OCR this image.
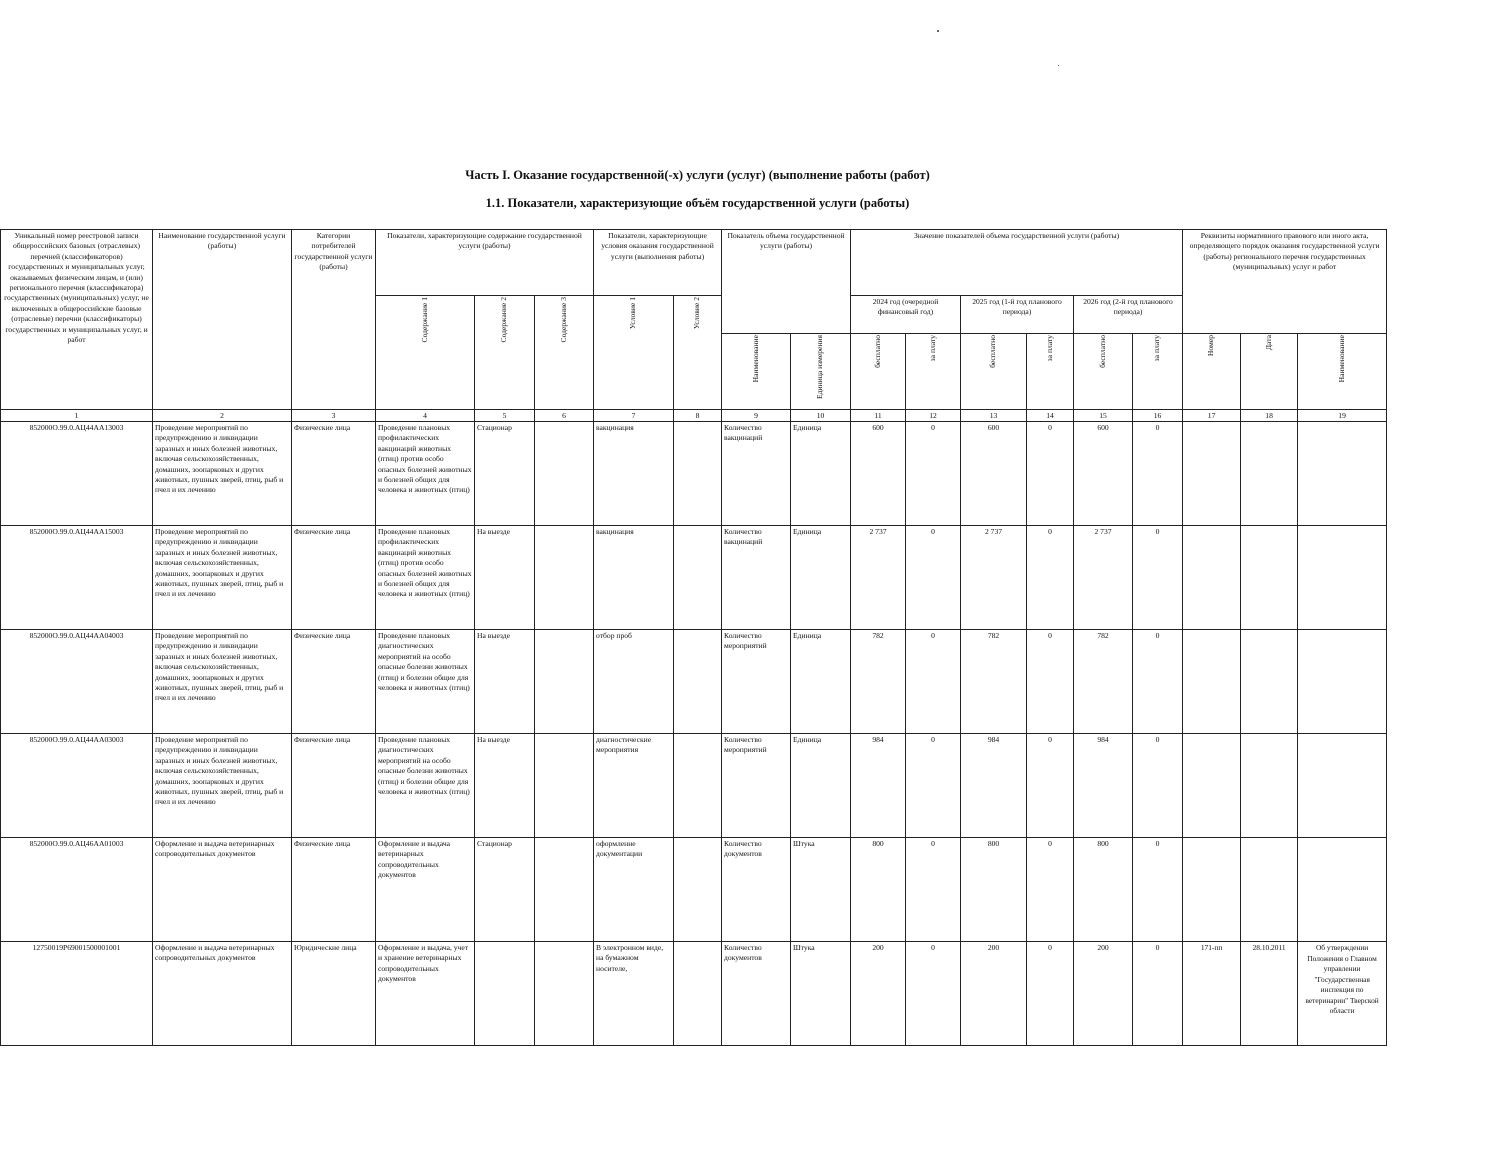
Часть I. Оказание государственной(-х) услуги (услуг) (выполнение работы (работ)
1.1. Показатели, характеризующие объём государственной услуги (работы)
Уникальный номер реестровой записи общероссийских базовых (отраслевых) перечней (классификаторов) государственных и муниципальных услуг, оказываемых физическим лицам, и (или) регионального перечня (классификатора) государственных (муниципальных) услуг, не включенных в общероссийские базовые (отраслевые) перечни (классификаторы) государственных и муниципальных услуг, и работ	Наименование государственной услуги (работы)	Категории потребителей государственной услуги (работы)	Показатели, характеризующие содержание государственной услуги (работы)			Показатели, характеризующие условия оказания государственной услуги (выполнения работы)		Показатель объема государственной услуги (работы)		Значение показателей объема государственной услуги (работы)						Реквизиты нормативного правового или иного акта, определяющего порядок оказания государственной услуги (работы) регионального перечня государственных (муниципальных) услуг и работ		
			Содержание 1	Содержание 2	Содержание 3	Условие 1	Условие 2			2024 год (очередной финансовый год)		2025 год (1-й год планового периода)		2026 год (2-й год планового периода)				
								Наименование	Единица измерения	бесплатно	за плату	бесплатно	за плату	бесплатно	за плату	Номер	Дата	Наименование
1	2	3	4	5	6	7	8	9	10	11	12	13	14	15	16	17	18	19
852000О.99.0.АЦ44АА13003	Проведение мероприятий по предупреждению и ликвидации заразных и иных болезней животных, включая сельскохозяйственных, домашних, зоопарковых и других животных, пушных зверей, птиц, рыб и пчел и их лечению	Физические лица	Проведение плановых профилактических вакцинаций животных (птиц) против особо опасных болезней животных и болезней общих для человека и животных (птиц)	Стационар		вакцинация		Количество вакцинаций	Единица	600	0	600	0	600	0			
852000О.99.0.АЦ44АА15003	Проведение мероприятий по предупреждению и ликвидации заразных и иных болезней животных, включая сельскохозяйственных, домашних, зоопарковых и других животных, пушных зверей, птиц, рыб и пчел и их лечению	Физические лица	Проведение плановых профилактических вакцинаций животных (птиц) против особо опасных болезней животных и болезней общих для человека и животных (птиц)	На выезде		вакцинация		Количество вакцинаций	Единица	2 737	0	2 737	0	2 737	0			
852000О.99.0.АЦ44АА04003	Проведение мероприятий по предупреждению и ликвидации заразных и иных болезней животных, включая сельскохозяйственных, домашних, зоопарковых и других животных, пушных зверей, птиц, рыб и пчел и их лечению	Физические лица	Проведение плановых диагностических мероприятий на особо опасные болезни животных (птиц) и болезни общие для человека и животных (птиц)	На выезде		отбор проб		Количество мероприятий	Единица	782	0	782	0	782	0			
852000О.99.0.АЦ44АА03003	Проведение мероприятий по предупреждению и ликвидации заразных и иных болезней животных, включая сельскохозяйственных, домашних, зоопарковых и других животных, пушных зверей, птиц, рыб и пчел и их лечению	Физические лица	Проведение плановых диагностических мероприятий на особо опасные болезни животных (птиц) и болезни общие для человека и животных (птиц)	На выезде		диагностические мероприятия		Количество мероприятий	Единица	984	0	984	0	984	0			
852000О.99.0.АЦ46АА01003	Оформление и выдача ветеринарных сопроводительных документов	Физические лица	Оформление и выдача ветеринарных сопроводительных документов	Стационар		оформление документации		Количество документов	Штука	800	0	800	0	800	0			
12750019Р69001500001001	Оформление и выдача ветеринарных сопроводительных документов	Юридические лица	Оформление и выдача, учет и хранение ветеринарных сопроводительных документов			В электронном виде, на бумажном носителе,		Количество документов	Штука	200	0	200	0	200	0	171-пп	28.10.2011	Об утверждении Положения о Главном управлении "Государственная инспекция по ветеринарии" Тверской области
